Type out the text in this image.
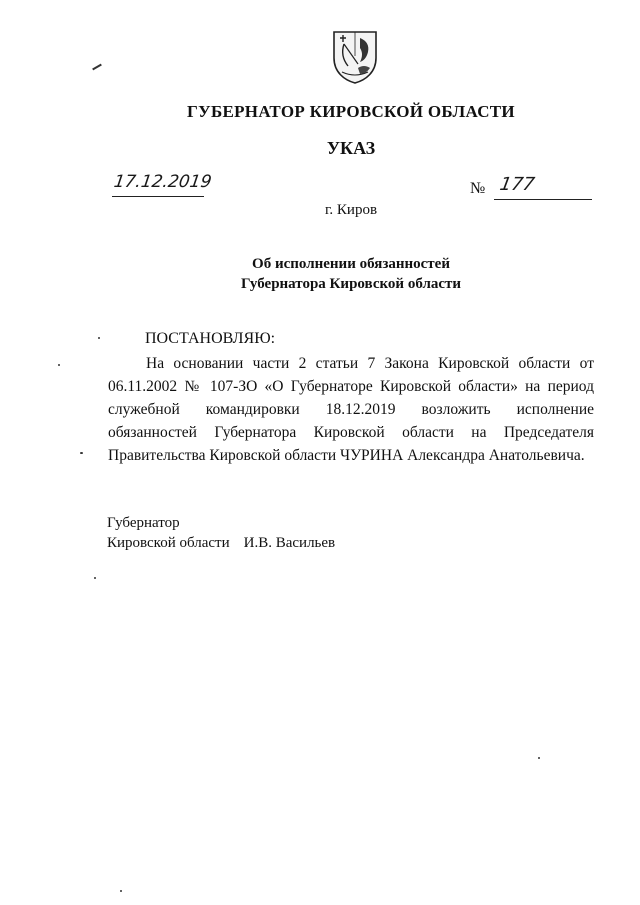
ГУБЕРНАТОР КИРОВСКОЙ ОБЛАСТИ
УКАЗ
17.12.2019	№ 177
г. Киров
Об исполнении обязанностей
Губернатора Кировской области
ПОСТАНОВЛЯЮ:

На основании части 2 статьи 7 Закона Кировской области от 06.11.2002 № 107-ЗО «О Губернаторе Кировской области» на период служебной командировки 18.12.2019 возложить исполнение обязанностей Губернатора Кировской области на Председателя Правительства Кировской области ЧУРИНА Александра Анатольевича.

Губернатор
Кировской области И.В. Васильев
